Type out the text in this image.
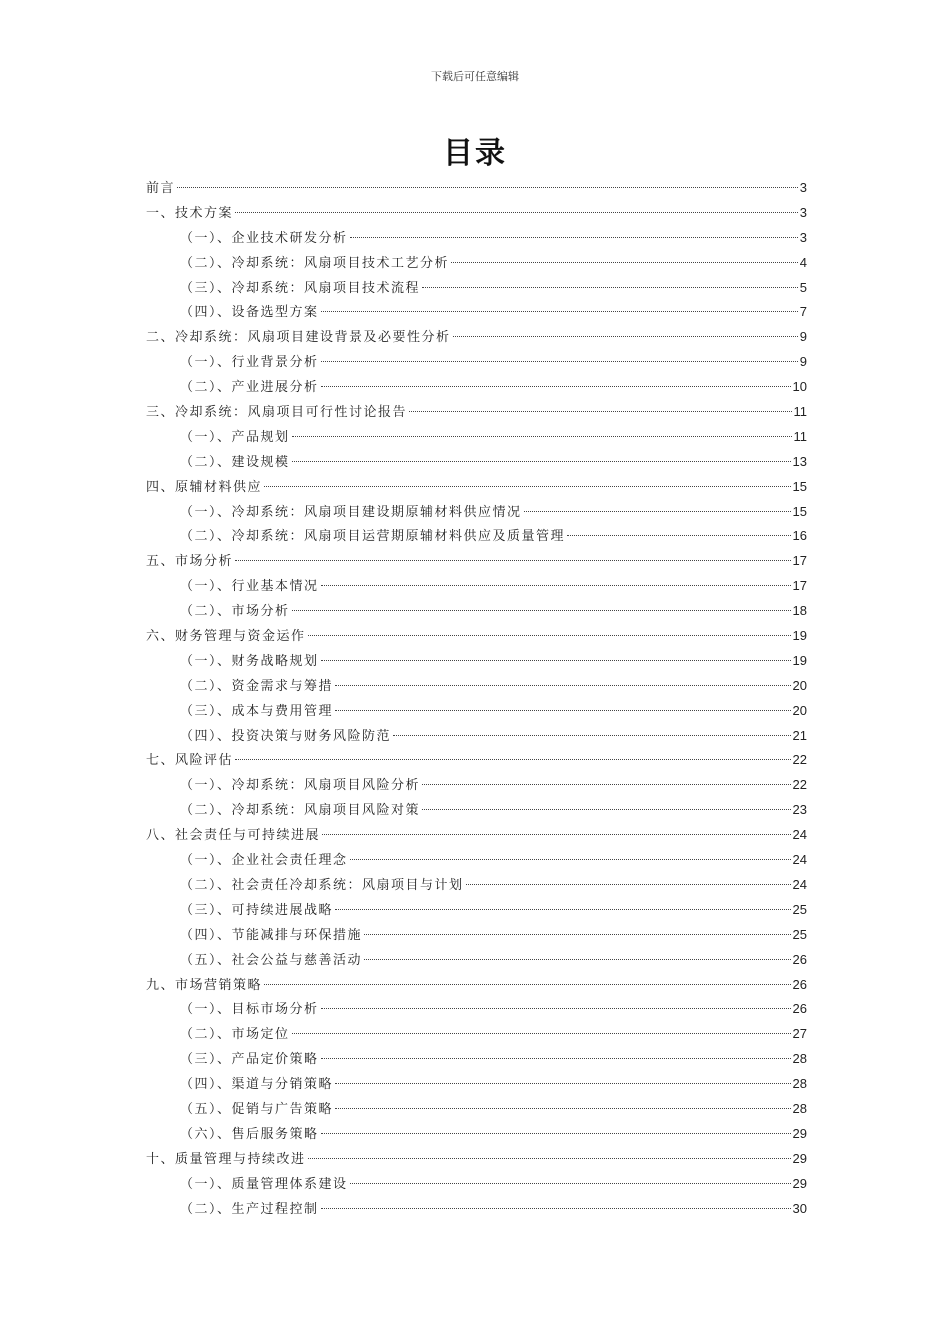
下载后可任意编辑
目录
前言	3
一、技术方案	3
（一）、企业技术研发分析	3
（二）、冷却系统：风扇项目技术工艺分析	4
（三）、冷却系统：风扇项目技术流程	5
（四）、设备选型方案	7
二、冷却系统：风扇项目建设背景及必要性分析	9
（一）、行业背景分析	9
（二）、产业进展分析	10
三、冷却系统：风扇项目可行性讨论报告	11
（一）、产品规划	11
（二）、建设规模	13
四、原辅材料供应	15
（一）、冷却系统：风扇项目建设期原辅材料供应情况	15
（二）、冷却系统：风扇项目运营期原辅材料供应及质量管理	16
五、市场分析	17
（一）、行业基本情况	17
（二）、市场分析	18
六、财务管理与资金运作	19
（一）、财务战略规划	19
（二）、资金需求与筹措	20
（三）、成本与费用管理	20
（四）、投资决策与财务风险防范	21
七、风险评估	22
（一）、冷却系统：风扇项目风险分析	22
（二）、冷却系统：风扇项目风险对策	23
八、社会责任与可持续进展	24
（一）、企业社会责任理念	24
（二）、社会责任冷却系统：风扇项目与计划	24
（三）、可持续进展战略	25
（四）、节能减排与环保措施	25
（五）、社会公益与慈善活动	26
九、市场营销策略	26
（一）、目标市场分析	26
（二）、市场定位	27
（三）、产品定价策略	28
（四）、渠道与分销策略	28
（五）、促销与广告策略	28
（六）、售后服务策略	29
十、质量管理与持续改进	29
（一）、质量管理体系建设	29
（二）、生产过程控制	30
